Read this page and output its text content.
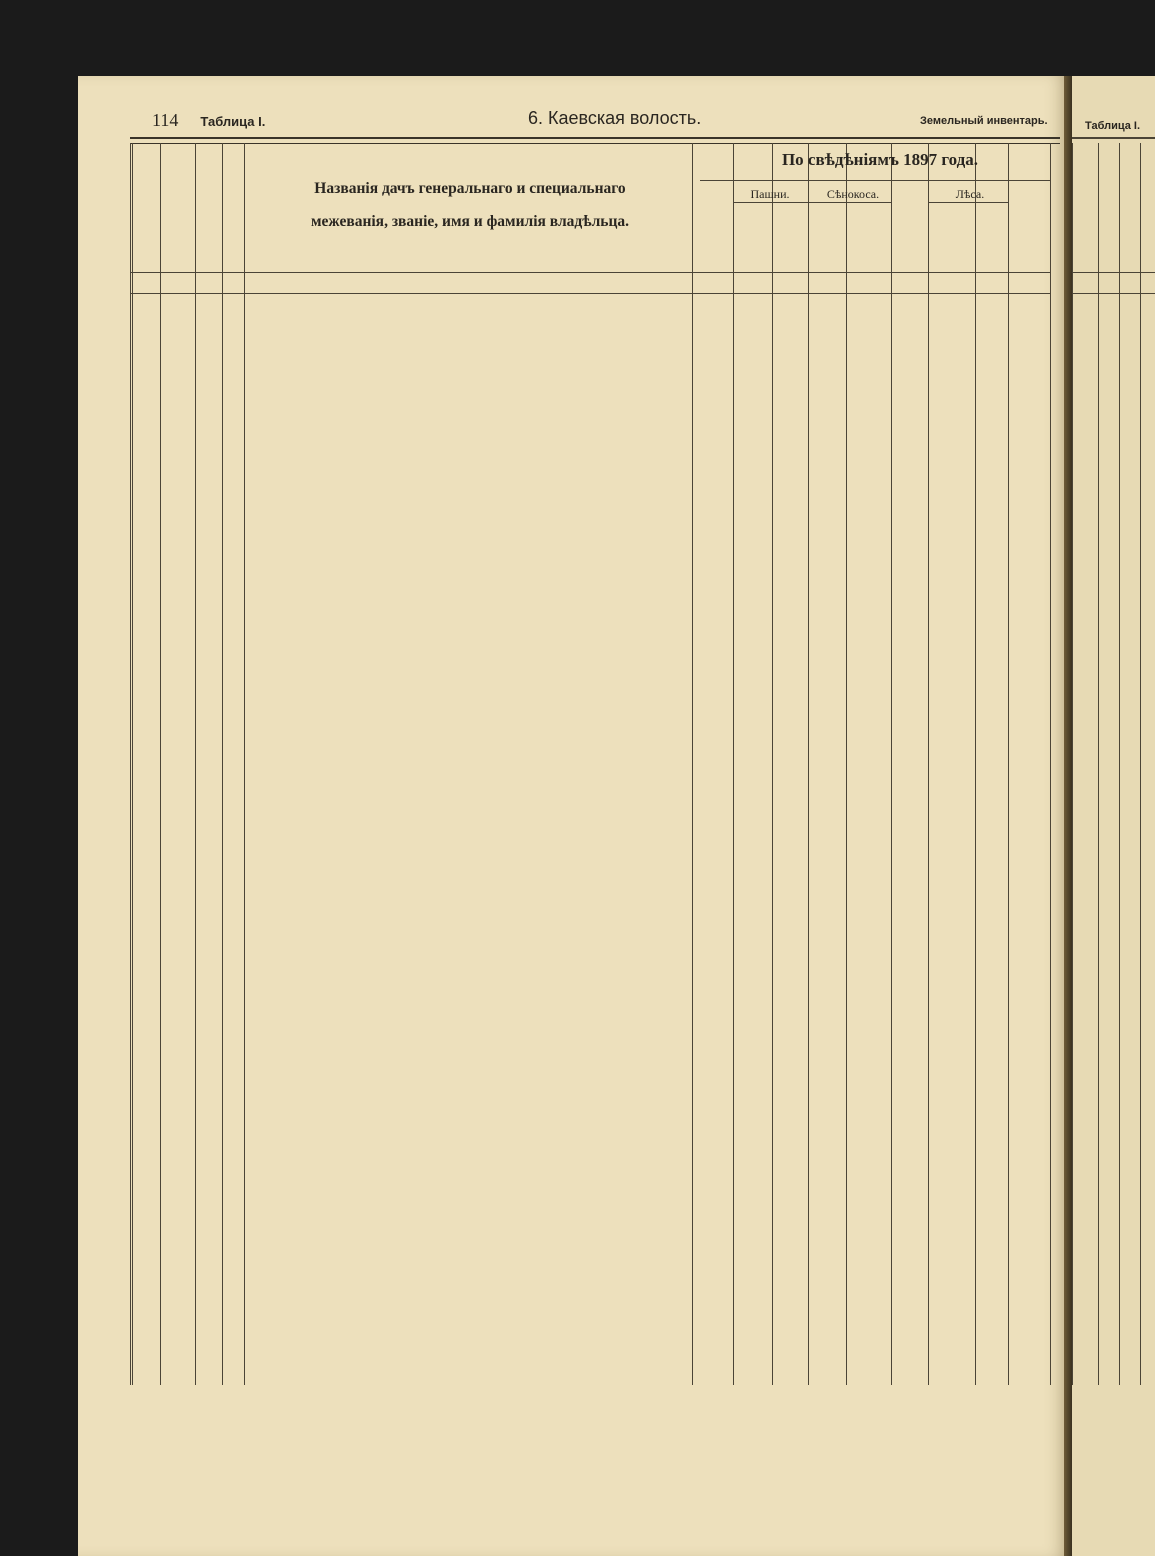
114 Таблица I.	6. Каевская волость.	Земельный инвентарь.
Названія дачъ генеральнаго и специальнаго
межеванія, званіе, имя и фамилія владѣльца.
По свѣдѣніямъ 1897 года.
Пашни.	Сѣнокоса.	Лѣса.
Таблица I.
